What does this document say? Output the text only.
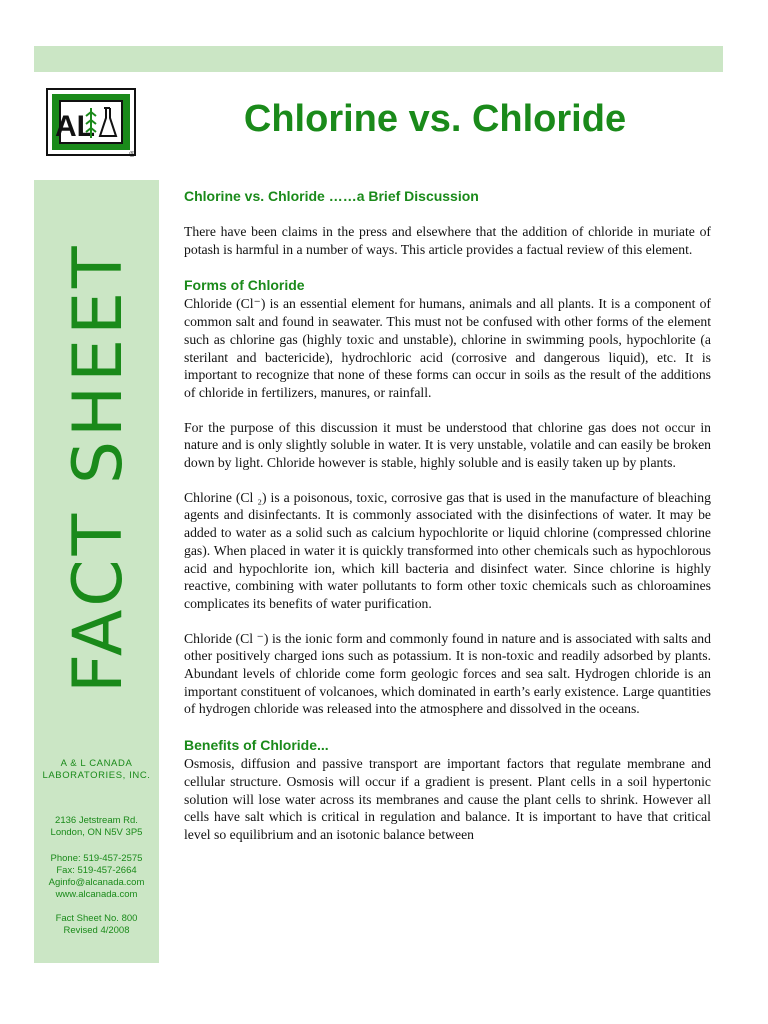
AL
®
Chlorine vs. Chloride
FACT SHEET
A & L CANADA
LABORATORIES, INC.
2136 Jetstream Rd.
London, ON N5V 3P5
Phone: 519-457-2575
Fax: 519-457-2664
Aginfo@alcanada.com
www.alcanada.com
Fact Sheet No. 800
Revised 4/2008
Chlorine vs. Chloride ……a Brief Discussion

There have been claims in the press and elsewhere that the addition of chloride in muriate of potash is harmful in a number of ways. This article provides a factual review of this element.

Forms of Chloride

Chloride (Cl⁻) is an essential element for humans, animals and all plants. It is a component of common salt and found in seawater. This must not be confused with other forms of the element such as chlorine gas (highly toxic and unstable), chlorine in swimming pools, hypochlorite (a sterilant and bactericide), hydrochloric acid (corrosive and dangerous liquid), etc. It is important to recognize that none of these forms can occur in soils as the result of the additions of chloride in fertilizers, manures, or rainfall.

For the purpose of this discussion it must be understood that chlorine gas does not occur in nature and is only slightly soluble in water. It is very unstable, volatile and can easily be broken down by light. Chloride however is stable, highly soluble and is easily taken up by plants.

Chlorine (Cl ₂) is a poisonous, toxic, corrosive gas that is used in the manufacture of bleaching agents and disinfectants. It is commonly associated with the disinfections of water. It may be added to water as a solid such as calcium hypochlorite or liquid chlorine (compressed chlorine gas). When placed in water it is quickly transformed into other chemicals such as hypochlorous acid and hypochlorite ion, which kill bacteria and disinfect water. Since chlorine is highly reactive, combining with water pollutants to form other toxic chemicals such as chloroamines complicates its benefits of water purification.

Chloride (Cl ⁻) is the ionic form and commonly found in nature and is associated with salts and other positively charged ions such as potassium. It is non-toxic and readily adsorbed by plants. Abundant levels of chloride come form geologic forces and sea salt. Hydrogen chloride is an important constituent of volcanoes, which dominated in earth’s early existence. Large quantities of hydrogen chloride was released into the atmosphere and dissolved in the oceans.

Benefits of Chloride...

Osmosis, diffusion and passive transport are important factors that regulate membrane and cellular structure. Osmosis will occur if a gradient is present. Plant cells in a soil hypertonic solution will lose water across its membranes and cause the plant cells to shrink. However all cells have salt which is critical in regulation and balance. It is important to have that critical level so equilibrium and an isotonic balance between
